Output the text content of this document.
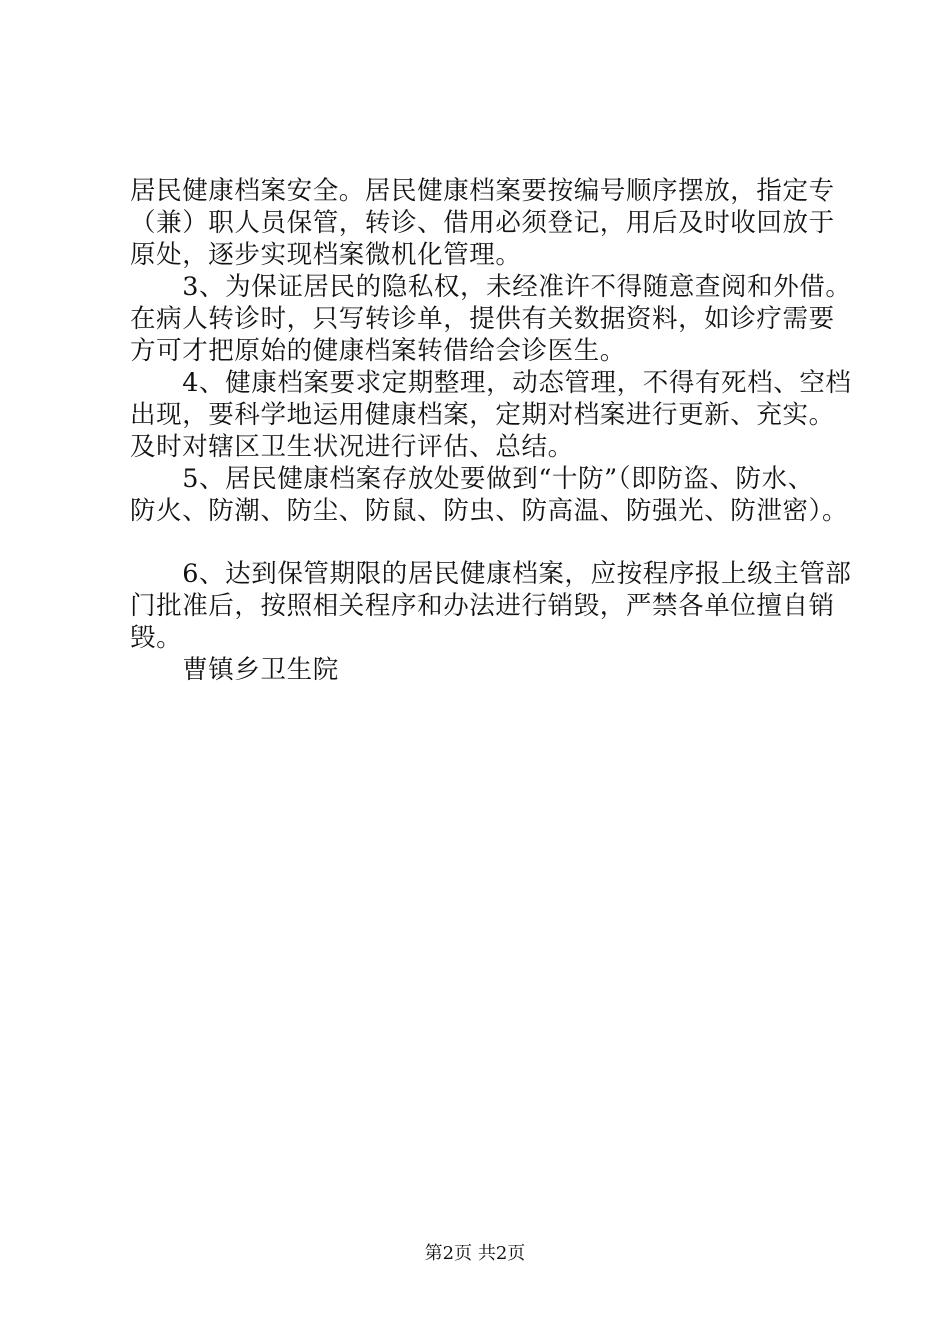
居民健康档案安全。居民健康档案要按编号顺序摆放，指定专
（兼）职人员保管，转诊、借用必须登记，用后及时收回放于
原处，逐步实现档案微机化管理。
　　3、为保证居民的隐私权，未经准许不得随意查阅和外借。
在病人转诊时，只写转诊单，提供有关数据资料，如诊疗需要
方可才把原始的健康档案转借给会诊医生。
　　4、健康档案要求定期整理，动态管理，不得有死档、空档
出现，要科学地运用健康档案，定期对档案进行更新、充实。
及时对辖区卫生状况进行评估、总结。
　　5、居民健康档案存放处要做到“十防”（即防盗、防水、
防火、防潮、防尘、防鼠、防虫、防高温、防强光、防泄密）。
　　6、达到保管期限的居民健康档案，应按程序报上级主管部
门批准后，按照相关程序和办法进行销毁，严禁各单位擅自销
毁。
　　曹镇乡卫生院
第2页 共2页
